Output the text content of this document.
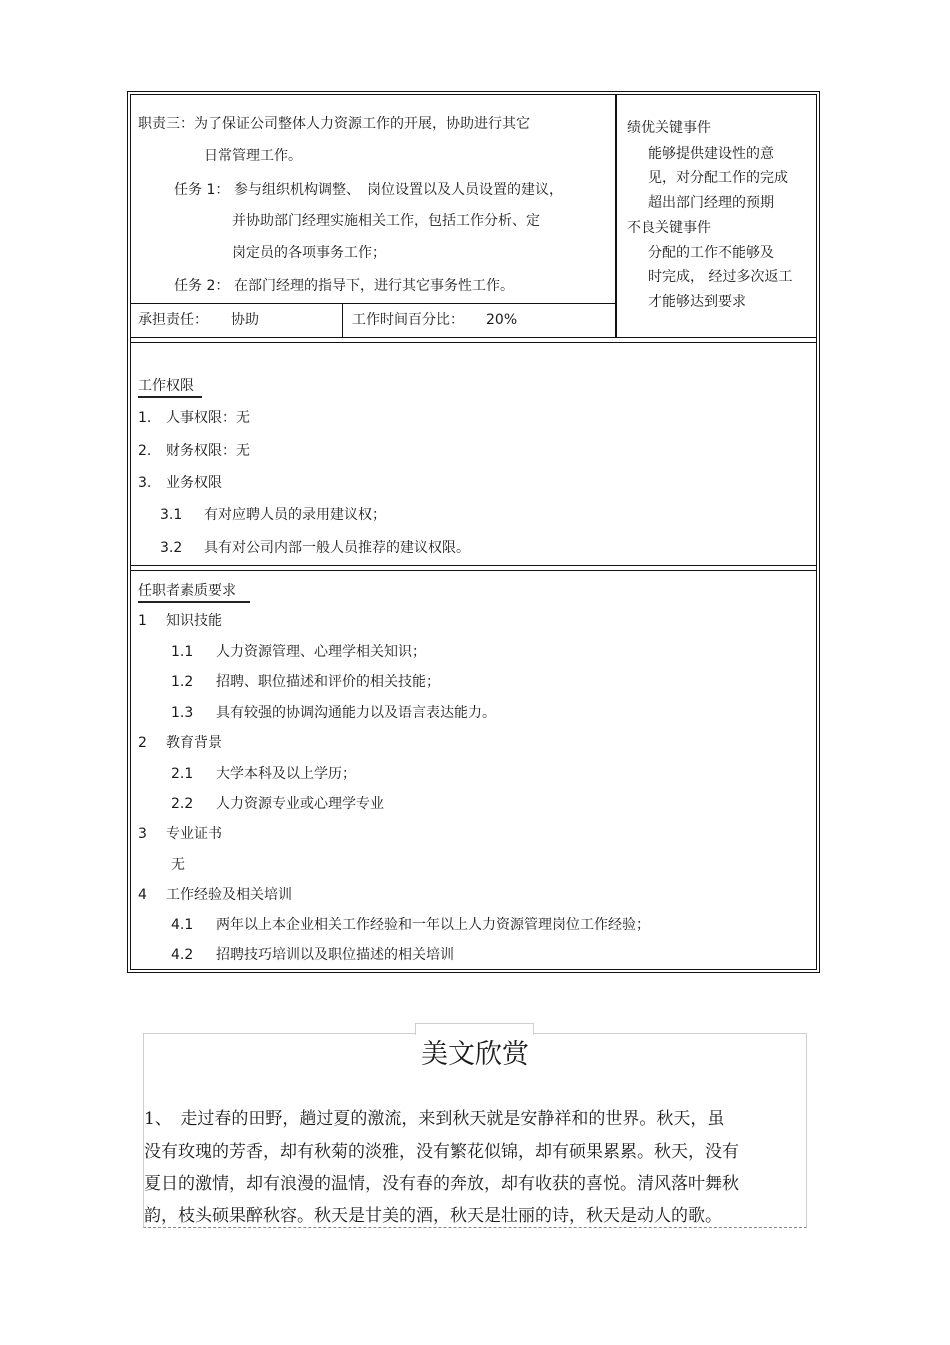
职责三：为了保证公司整体人力资源工作的开展，协助进行其它
日常管理工作。
任务 1： 参与组织机构调整、　岗位设置以及人员设置的建议，
并协助部门经理实施相关工作，包括工作分析、定
岗定员的各项事务工作；
任务 2： 在部门经理的指导下，进行其它事务性工作。
承担责任： 协助	工作时间百分比： 20%
绩优关键事件
能够提供建设性的意
见，对分配工作的完成
超出部门经理的预期
不良关键事件
分配的工作不能够及
时完成， 经过多次返工
才能够达到要求
工作权限
1. 人事权限：无
2. 财务权限：无
3. 业务权限
3.1 有对应聘人员的录用建议权；
3.2 具有对公司内部一般人员推荐的建议权限。
任职者素质要求
1 知识技能
1.1 人力资源管理、心理学相关知识；
1.2 招聘、职位描述和评价的相关技能；
1.3 具有较强的协调沟通能力以及语言表达能力。
2 教育背景
2.1 大学本科及以上学历；
2.2 人力资源专业或心理学专业
3 专业证书
无
4 工作经验及相关培训
4.1 两年以上本企业相关工作经验和一年以上人力资源管理岗位工作经验；
4.2 招聘技巧培训以及职位描述的相关培训
美文欣赏
1、　走过春的田野，趟过夏的激流，来到秋天就是安静祥和的世界。秋天，虽
没有玫瑰的芳香，却有秋菊的淡雅，没有繁花似锦，却有硕果累累。秋天，没有
夏日的激情，却有浪漫的温情，没有春的奔放，却有收获的喜悦。清风落叶舞秋
韵，枝头硕果醉秋容。秋天是甘美的酒，秋天是壮丽的诗，秋天是动人的歌。
